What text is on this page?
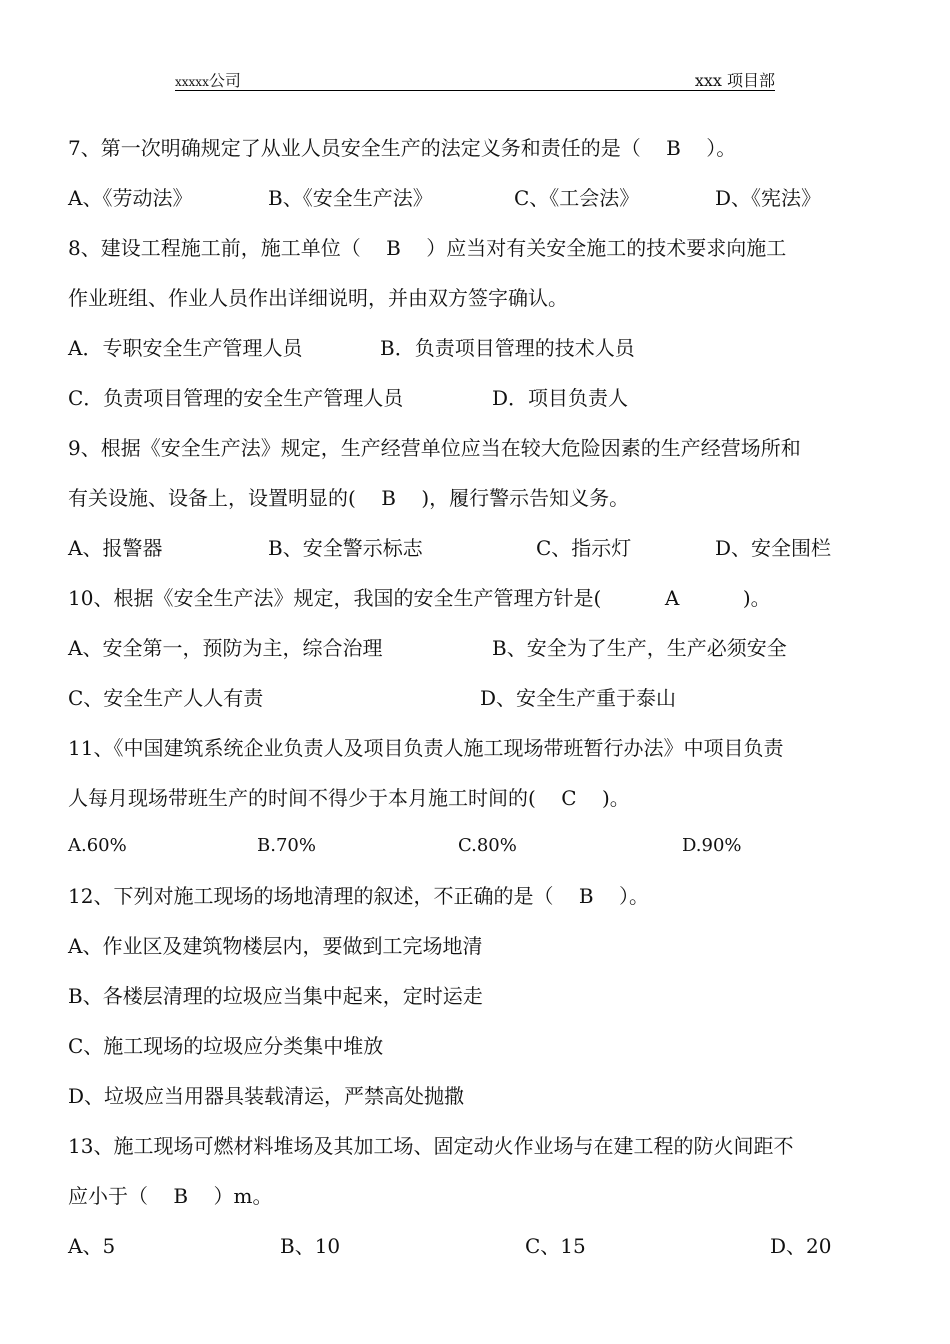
xxxxx公司	xxx 项目部
7、第一次明确规定了从业人员安全生产的法定义务和责任的是（    B    ）。
A、《劳动法》	B、《安全生产法》	C、《工会法》	D、《宪法》
8、建设工程施工前，施工单位（    B    ）应当对有关安全施工的技术要求向施工
作业班组、作业人员作出详细说明，并由双方签字确认。
A．专职安全生产管理人员	B．负责项目管理的技术人员
C．负责项目管理的安全生产管理人员	D．项目负责人
9、根据《安全生产法》规定，生产经营单位应当在较大危险因素的生产经营场所和
有关设施、设备上，设置明显的(    B    )，履行警示告知义务。
A、报警器	B、安全警示标志	C、指示灯	D、安全围栏
10、根据《安全生产法》规定，我国的安全生产管理方针是(          A          )。
A、安全第一，预防为主，综合治理	B、安全为了生产，生产必须安全
C、安全生产人人有责	D、安全生产重于泰山
11、《中国建筑系统企业负责人及项目负责人施工现场带班暂行办法》中项目负责
人每月现场带班生产的时间不得少于本月施工时间的(    C    )。
A.60%	B.70%	C.80%	D.90%
12、下列对施工现场的场地清理的叙述，不正确的是（    B    ）。
A、作业区及建筑物楼层内，要做到工完场地清
B、各楼层清理的垃圾应当集中起来，定时运走
C、施工现场的垃圾应分类集中堆放
D、垃圾应当用器具装载清运，严禁高处抛撒
13、施工现场可燃材料堆场及其加工场、固定动火作业场与在建工程的防火间距不
应小于（    B    ）m。
A、5	B、10	C、15	D、20
